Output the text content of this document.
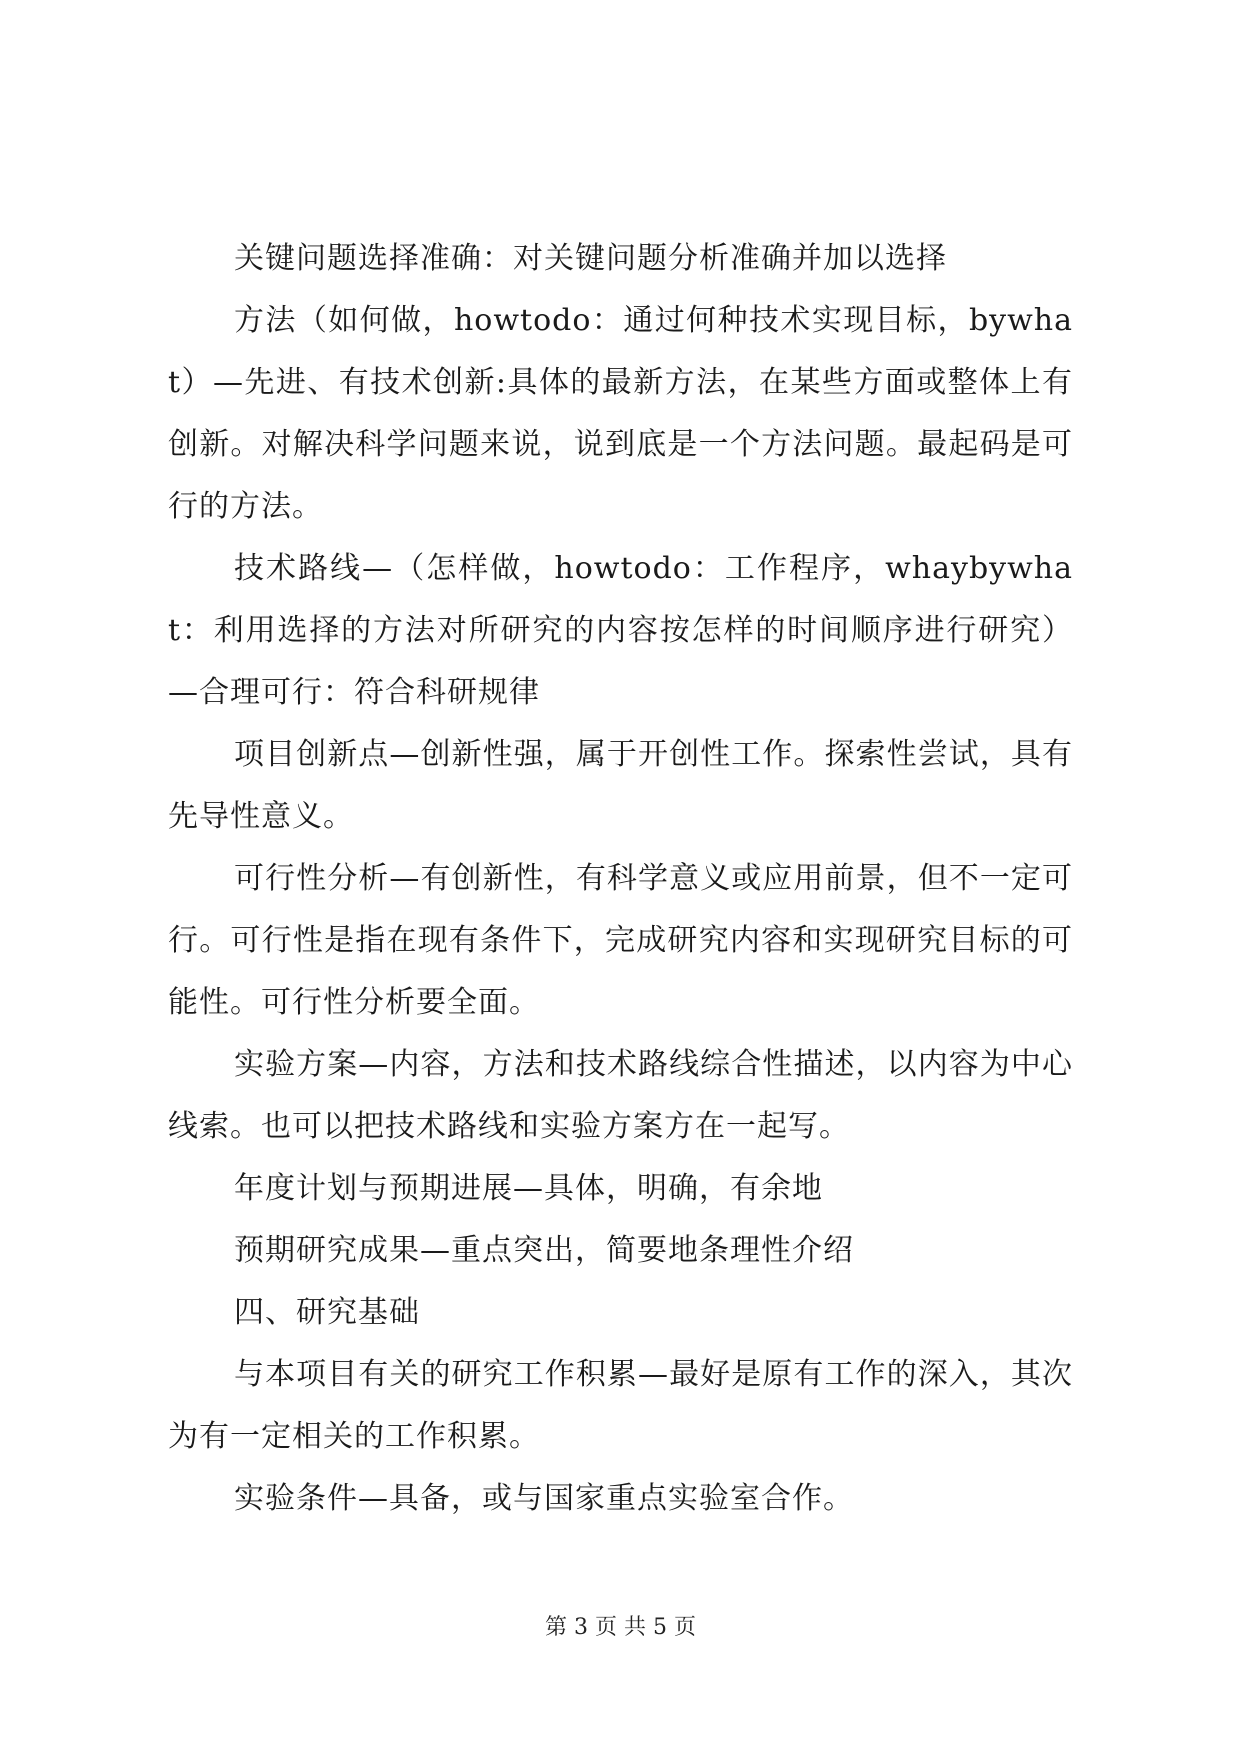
关键问题选择准确：对关键问题分析准确并加以选择

方法（如何做，howtodo：通过何种技术实现目标，bywhat）—先进、有技术创新:具体的最新方法，在某些方面或整体上有创新。对解决科学问题来说，说到底是一个方法问题。最起码是可行的方法。

技术路线—（怎样做，howtodo：工作程序，whaybywhat：利用选择的方法对所研究的内容按怎样的时间顺序进行研究）—合理可行：符合科研规律

项目创新点—创新性强，属于开创性工作。探索性尝试，具有先导性意义。

可行性分析—有创新性，有科学意义或应用前景，但不一定可行。可行性是指在现有条件下，完成研究内容和实现研究目标的可能性。可行性分析要全面。

实验方案—内容，方法和技术路线综合性描述，以内容为中心线索。也可以把技术路线和实验方案方在一起写。

年度计划与预期进展—具体，明确，有余地

预期研究成果—重点突出，简要地条理性介绍

四、研究基础

与本项目有关的研究工作积累—最好是原有工作的深入，其次为有一定相关的工作积累。

实验条件—具备，或与国家重点实验室合作。

第 3 页 共 5 页
